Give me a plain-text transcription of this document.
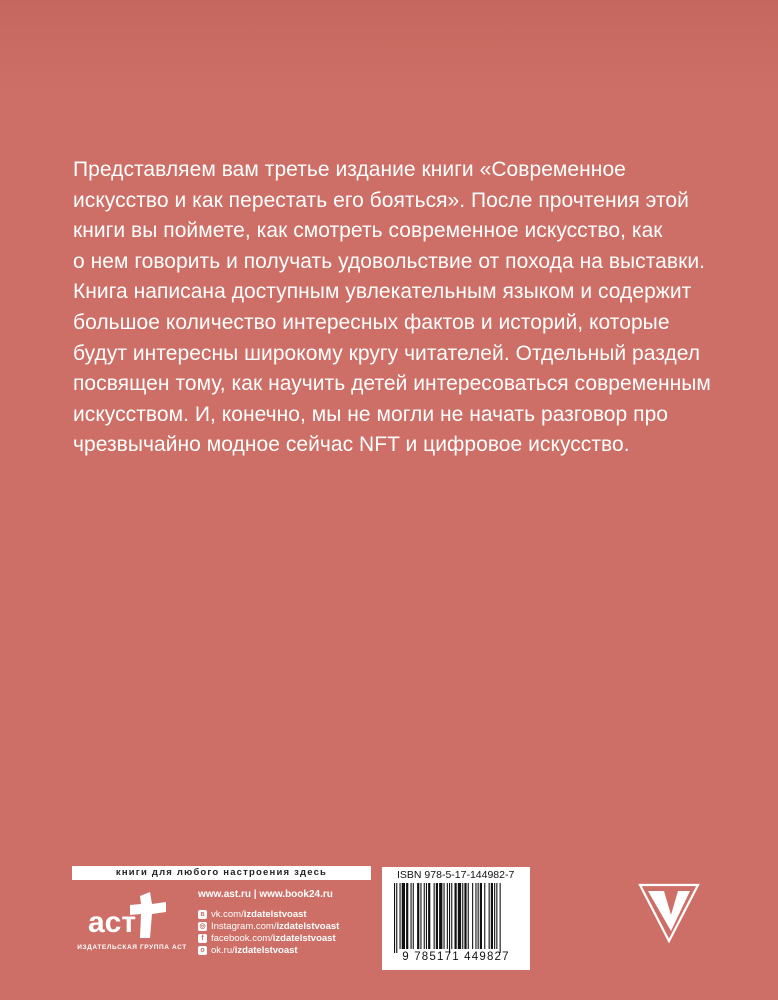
Представляем вам третье издание книги «Современное

искусство и как перестать его бояться». После прочтения этой

книги вы поймете, как смотреть современное искусство, как

о нем говорить и получать удовольствие от похода на выставки.

Книга написана доступным увлекательным языком и содержит

большое количество интересных фактов и историй, которые

будут интересны широкому кругу читателей. Отдельный раздел

посвящен тому, как научить детей интересоваться современным

искусством. И, конечно, мы не могли не начать разговор про

чрезвычайно модное сейчас NFT и цифровое искусство.

книги для любого настроения здесь
аст
ИЗДАТЕЛЬСКАЯ ГРУППА АСТ
www.ast.ru | www.book24.ru
в vk.com/ izdatelstvoast
◎ Instagram.com/ izdatelstvoast
f facebook.com/ izdatelstvoast
о ok.ru/ izdatelstvoast
ISBN 978-5-17-144982-7
9 785171 449827
